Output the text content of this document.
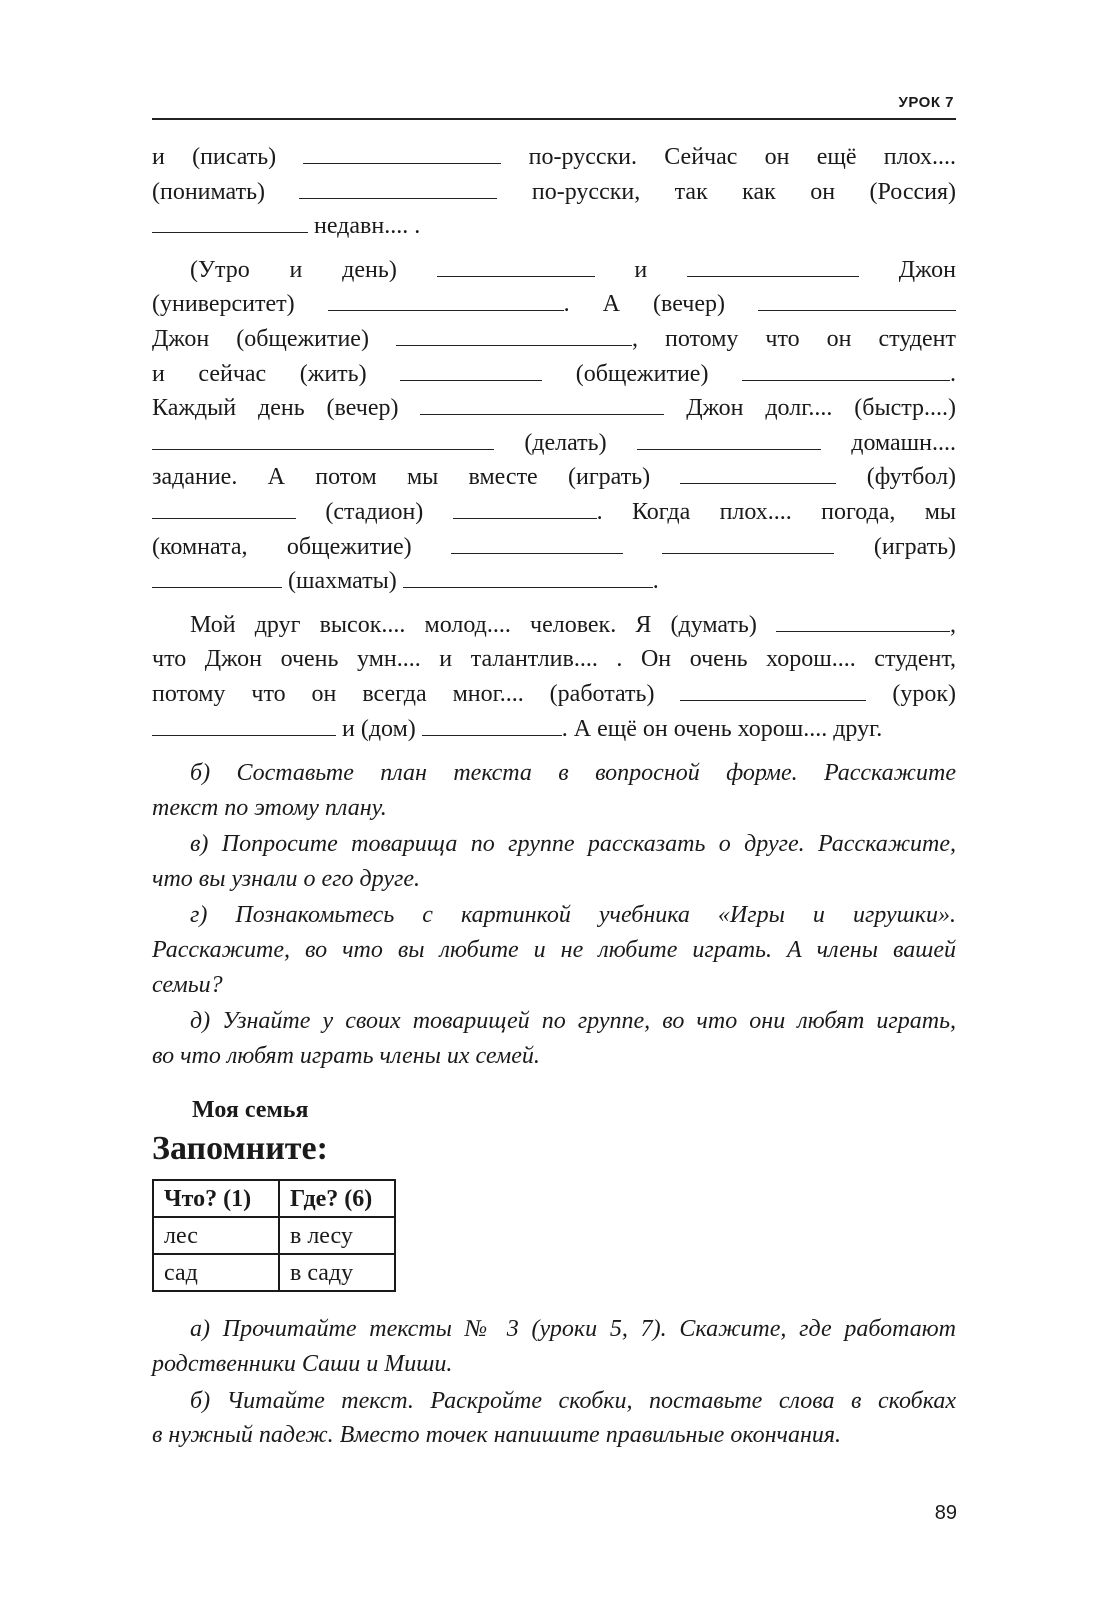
УРОК 7
и (писать)	по-русски. Сейчас он ещё плох....
(понимать)	по-русски, так как он (Россия)
недавн.... .
(Утро и день)	и	Джон
(университет)	. А (вечер)
Джон (общежитие)	, потому что он студент
и сейчас (жить)	(общежитие)	.
Каждый день (вечер)	Джон долг.... (быстр....)
(делать)	домашн....
задание. А потом мы вместе (играть)	(футбол)
(стадион)	. Когда плох.... погода, мы
(комната, общежитие)	(играть)
(шахматы)	.
Мой друг высок.... молод.... человек. Я (думать)	,
что Джон очень умн.... и талантлив.... . Он очень хорош.... студент,
потому что он всегда мног.... (работать)	(урок)
и (дом)	. А ещё он очень хорош.... друг.
б) Составьте план текста в вопросной форме. Расскажите
текст по этому плану.
в) Попросите товарища по группе рассказать о друге. Расскажите,
что вы узнали о его друге.
г) Познакомьтесь с картинкой учебника «Игры и игрушки».
Расскажите, во что вы любите и не любите играть. А члены вашей
семьи?
д) Узнайте у своих товарищей по группе, во что они любят играть,
во что любят играть члены их семей.
Моя семья
Запомните:
Что? (1)	Где? (6)
лес	в лесу
сад	в саду
а) Прочитайте тексты № 3 (уроки 5, 7). Скажите, где работают
родственники Саши и Миши.
б) Читайте текст. Раскройте скобки, поставьте слова в скобках
в нужный падеж. Вместо точек напишите правильные окончания.
89
